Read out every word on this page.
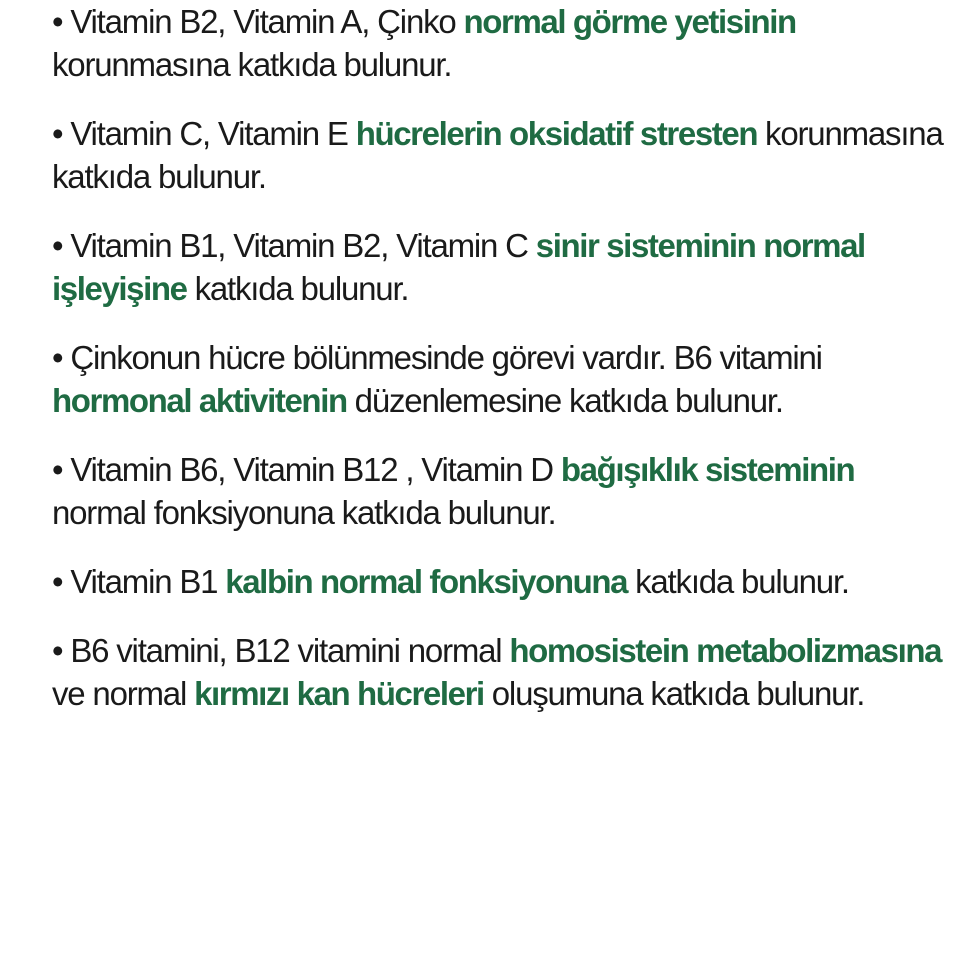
• Vitamin B2, Vitamin A, Çinko normal görme yetisinin korunmasına katkıda bulunur.

• Vitamin C, Vitamin E hücrelerin oksidatif stresten korunmasına katkıda bulunur.

• Vitamin B1, Vitamin B2, Vitamin C sinir sisteminin normal işleyişine katkıda bulunur.

• Çinkonun hücre bölünmesinde görevi vardır. B6 vitamini hormonal aktivitenin düzenlemesine katkıda bulunur.

• Vitamin B6, Vitamin B12 , Vitamin D bağışıklık sisteminin normal fonksiyonuna katkıda bulunur.

• Vitamin B1 kalbin normal fonksiyonuna katkıda bulunur.

• B6 vitamini, B12 vitamini normal homosistein metabolizmasına ve normal kırmızı kan hücreleri oluşumuna katkıda bulunur.
